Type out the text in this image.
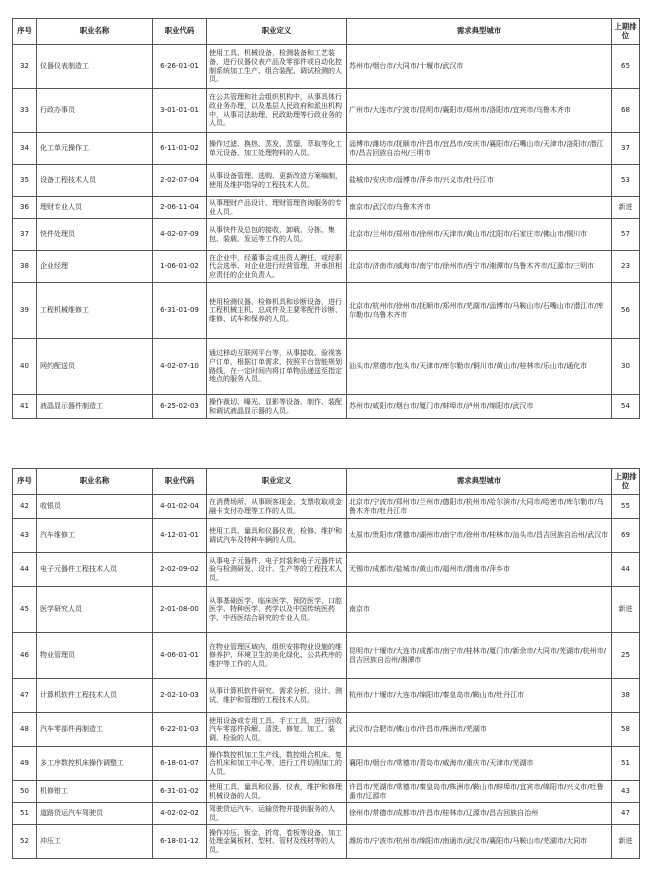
序号	职业名称	职业代码	职业定义	需求典型城市	上期排位
32	仪器仪表制造工	6-26-01-01	使用工具、机械设备，检测装备和工艺装备，进行仪器仪表产品及零部件或自动化控制系统加工生产、组合装配、调试检测的人员。	苏州市/烟台市/大同市/十堰市/武汉市	65
33	行政办事员	3-01-01-01	在公共管理和社会组织机构中，从事具体行政业务办理，以及基层人民政府和派出机构中，从事司法助理、民政助理等行政业务的人员。	广州市/大连市/宁波市/昆明市/襄阳市/郑州市/洛阳市/宜宾市/乌鲁木齐市	68
34	化工单元操作工	6-11-01-02	操作过滤、换热、蒸发、蒸馏、萃取等化工单元设备，加工处理物料的人员。	淄博市/潍坊市/抚顺市/许昌市/宜昌市/安庆市/襄阳市/石嘴山市/天津市/洛阳市/潜江市/昌吉回族自治州/三明市	37
35	设备工程技术人员	2-02-07-04	从事设备管理、选购、更新改造方案编制，使用及维护指导的工程技术人员。	盐城市/安庆市/淄博市/萍乡市/兴义市/牡丹江市	53
36	理财专业人员	2-06-11-04	从事理财产品设计、理财管理咨询服务的专业人员。	南京市/武汉市/乌鲁木齐市	新进
37	快件处理员	4-02-07-09	从事快件及总包的接收、卸载、分拣、集包、装载、发运等工作的人员。	北京市/兰州市/郑州市/徐州市/天津市/黄山市/沈阳市/石家庄市/佛山市/铜川市	57
38	企业经理	1-06-01-02	在企业中，经董事会或出资人聘任，或经职代会选举、对企业进行经营管理，并承担相应责任的企业负责人。	北京市/济南市/威海市/南宁市/徐州市/西宁市/湘潭市/乌鲁木齐市/辽源市/三明市	23
39	工程机械维修工	6-31-01-09	使用检测仪器、检修机具和诊断设备，进行工程机械主机、总成件及主要零配件诊断、维修、试车和保养的人员。	北京市/杭州市/徐州市/抚顺市/郑州市/芜湖市/淄博市/马鞍山市/石嘴山市/潜江市/库尔勒市/乌鲁木齐市	56
40	网约配送员	4-02-07-10	通过移动互联网平台等，从事接收、验视客户订单，根据订单需求，按照平台智能规划路线，在一定时间内将订单物品递送至指定地点的服务人员。	汕头市/常德市/包头市/天津市/库尔勒市/铜川市/黄山市/桂林市/乐山市/通化市	30
41	液晶显示器件制造工	6-25-02-03	操作裁切、曝光、显影等设备，制作、装配和调试液晶显示器的人员。	苏州市/咸阳市/烟台市/厦门市/蚌埠市/泸州市/绵阳市/武汉市	54
序号	职业名称	职业代码	职业定义	需求典型城市	上期排位
42	收银员	4-01-02-04	在消费场所，从事顾客现金、支票收取或金融卡支付办理等工作的人员。	北京市/宁波市/郑州市/兰州市/德阳市/杭州市/哈尔滨市/大同市/哈密市/库尔勒市/乌鲁木齐市/牡丹江市	55
43	汽车维修工	4-12-01-01	使用工具、量具和仪器仪表，检修、维护和调试汽车及特种车辆的人员。	太原市/贵阳市/常德市/湖州市/南宁市/徐州市/桂林市/汕头市/昌吉回族自治州/武汉市	69
44	电子元器件工程技术人员	2-02-09-02	从事电子元器件、电子封装和电子元器件试验与检测研发、设计、生产等的工程技术人员。	无锡市/成都市/盐城市/黄山市/福州市/渭南市/萍乡市	44
45	医学研究人员	2-01-08-00	从事基础医学、临床医学、预防医学、口腔医学、特种医学、药学以及中国传统医药学、中西医结合研究的专业人员。	南京市	新进
46	物业管理员	4-06-01-01	在物业管理区域内，组织安排物业设施的维修养护、环境卫生的美化绿化、公共秩序的维护等工作的人员。	昆明市/十堰市/大连市/成都市/南宁市/桂林市/厦门市/新余市/大同市/芜湖市/杭州市/昌吉回族自治州/湘潭市	25
47	计算机软件工程技术人员	2-02-10-03	从事计算机软件研究、需求分析、设计、测试、维护和管理的工程技术人员。	杭州市/十堰市/大连市/绵阳市/秦皇岛市/鞍山市/牡丹江市	38
48	汽车零部件再制造工	6-22-01-03	使用设备或专用工具、手工工具，进行回收汽车零部件拆解、清洗、修复、加工、装调、检验的人员。	武汉市/合肥市/佛山市/许昌市/株洲市/芜湖市	58
49	多工序数控机床操作调整工	6-18-01-07	操作数控机加工生产线、数控组合机床、复合机床和加工中心等，进行工件切削加工的人员。	襄阳市/烟台市/常德市/青岛市/威海市/重庆市/天津市/芜湖市	51
50	机修钳工	6-31-01-02	使用工具、量具和仪器、仪表，维护和修理机械设备的人员。	许昌市/芜湖市/常德市/秦皇岛市/株洲市/鞍山市/蚌埠市/宜宾市/绵阳市/兴义市/吐鲁番市/辽源市	43
51	道路货运汽车驾驶员	4-02-02-02	驾驶货运汽车，运输货物并提供服务的人员。	徐州市/常德市/成都市/许昌市/桂林市/辽源市/昌吉回族自治州	47
52	冲压工	6-18-01-12	操作冲压、钣金、折弯、卷板等设备，加工处理金属板材、型材、管材及线材等的人员。	潍坊市/宁波市/杭州市/绵阳市/南通市/武汉市/襄阳市/马鞍山市/芜湖市/大同市	新进
